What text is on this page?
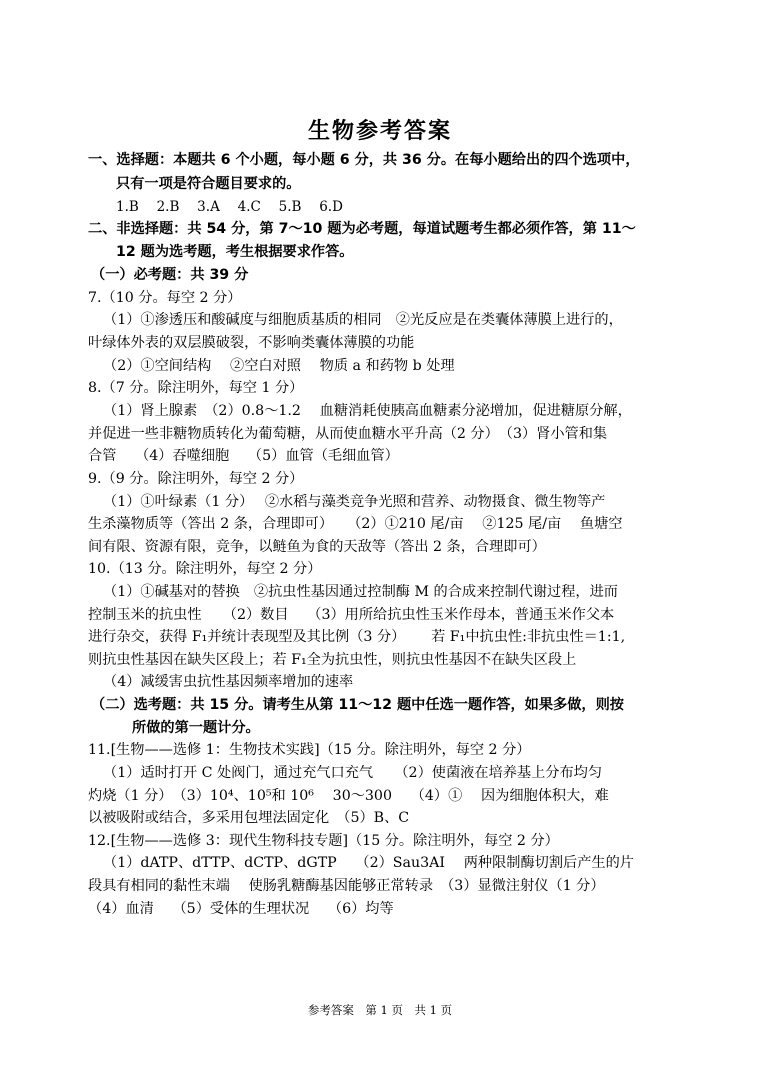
生物参考答案
一、选择题：本题共 6 个小题，每小题 6 分，共 36 分。在每小题给出的四个选项中，
只有一项是符合题目要求的。
1.B　 2.B　 3.A　 4.C　 5.B　 6.D
二、非选择题：共 54 分，第 7～10 题为必考题，每道试题考生都必须作答，第 11～
12 题为选考题，考生根据要求作答。
（一）必考题：共 39 分
7.（10 分。每空 2 分）
（1）①渗透压和酸碱度与细胞质基质的相同　②光反应是在类囊体薄膜上进行的，
叶绿体外表的双层膜破裂，不影响类囊体薄膜的功能
（2）①空间结构　 ②空白对照　 物质 a 和药物 b 处理
8.（7 分。除注明外，每空 1 分）
（1）肾上腺素　（2）0.8～1.2　 血糖消耗使胰高血糖素分泌增加，促进糖原分解，
并促进一些非糖物质转化为葡萄糖，从而使血糖水平升高（2 分）　（3）肾小管和集
合管　 （4）吞噬细胞　 （5）血管（毛细血管）
9.（9 分。除注明外，每空 2 分）
（1）①叶绿素（1 分）　 ②水稻与藻类竞争光照和营养、动物摄食、微生物等产
生杀藻物质等（答出 2 条，合理即可）　　（2）①210 尾/亩　 ②125 尾/亩　 鱼塘空
间有限、资源有限，竞争，以鲢鱼为食的天敌等（答出 2 条，合理即可）
10.（13 分。除注明外，每空 2 分）
（1）①碱基对的替换　②抗虫性基因通过控制酶 M 的合成来控制代谢过程，进而
控制玉米的抗虫性　　（2）数目　 （3）用所给抗虫性玉米作母本，普通玉米作父本
进行杂交，获得 F₁并统计表现型及其比例（3 分）　　 若 F₁中抗虫性:非抗虫性＝1:1,
则抗虫性基因在缺失区段上；若 F₁全为抗虫性，则抗虫性基因不在缺失区段上
（4）减缓害虫抗性基因频率增加的速率
（二）选考题：共 15 分。请考生从第 11～12 题中任选一题作答，如果多做，则按
所做的第一题计分。
11.[生物——选修 1：生物技术实践]（15 分。除注明外，每空 2 分）
（1）适时打开 C 处阀门，通过充气口充气　　（2）使菌液在培养基上分布均匀
灼烧（1 分）　（3）10⁴、10⁵和 10⁶　 30～300　 （4）①　 因为细胞体积大，难
以被吸附或结合，多采用包埋法固定化　（5）B、C
12.[生物——选修 3：现代生物科技专题]（15 分。除注明外，每空 2 分）
（1）dATP、dTTP、dCTP、dGTP　 （2）Sau3AI　 两种限制酶切割后产生的片
段具有相同的黏性末端　 使肠乳糖酶基因能够正常转录　（3）显微注射仪（1 分）
（4）血清　 （5）受体的生理状况　 （6）均等
参考答案　第 1 页　共 1 页
